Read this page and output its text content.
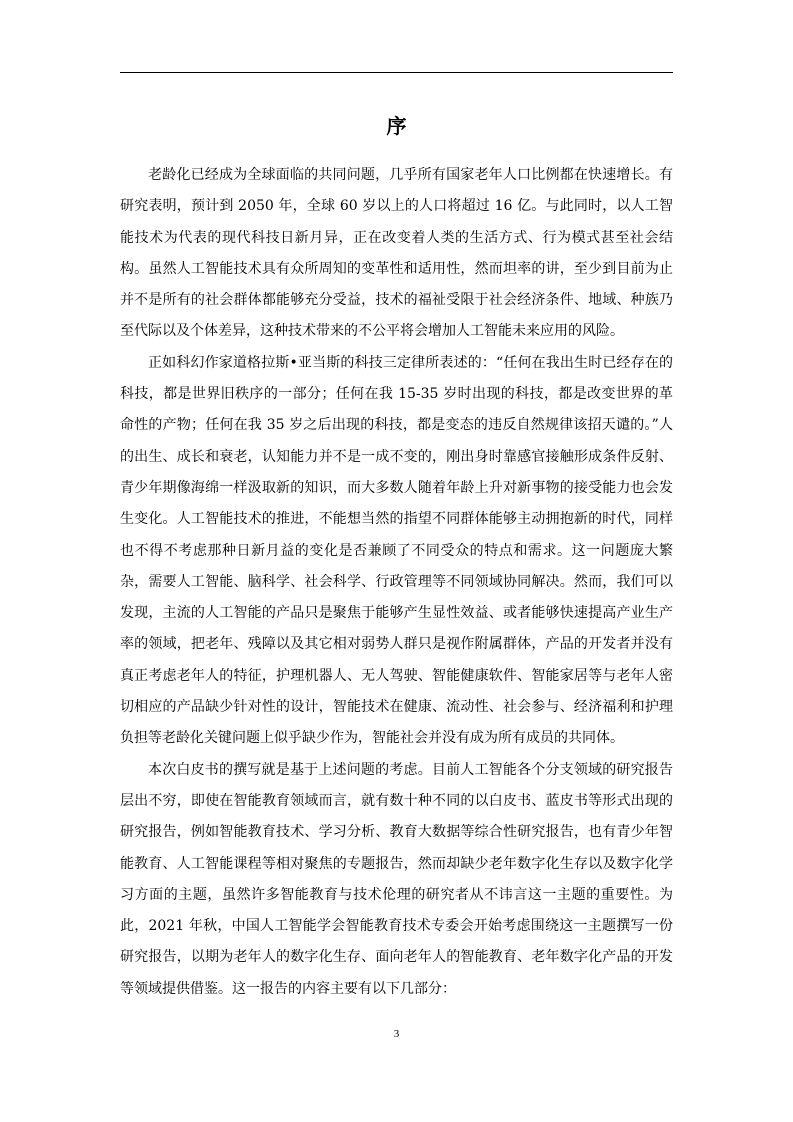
序

老龄化已经成为全球面临的共同问题，几乎所有国家老年人口比例都在快速增长。有研究表明，预计到 2050 年，全球 60 岁以上的人口将超过 16 亿。与此同时，以人工智能技术为代表的现代科技日新月异，正在改变着人类的生活方式、行为模式甚至社会结构。虽然人工智能技术具有众所周知的变革性和适用性，然而坦率的讲，至少到目前为止并不是所有的社会群体都能够充分受益，技术的福祉受限于社会经济条件、地域、种族乃至代际以及个体差异，这种技术带来的不公平将会增加人工智能未来应用的风险。

正如科幻作家道格拉斯•亚当斯的科技三定律所表述的：“任何在我出生时已经存在的科技，都是世界旧秩序的一部分；任何在我 15-35 岁时出现的科技，都是改变世界的革命性的产物；任何在我 35 岁之后出现的科技，都是变态的违反自然规律该招天谴的。”人的出生、成长和衰老，认知能力并不是一成不变的，刚出身时靠感官接触形成条件反射、青少年期像海绵一样汲取新的知识，而大多数人随着年龄上升对新事物的接受能力也会发生变化。人工智能技术的推进，不能想当然的指望不同群体能够主动拥抱新的时代，同样也不得不考虑那种日新月益的变化是否兼顾了不同受众的特点和需求。这一问题庞大繁杂，需要人工智能、脑科学、社会科学、行政管理等不同领域协同解决。然而，我们可以发现，主流的人工智能的产品只是聚焦于能够产生显性效益、或者能够快速提高产业生产率的领域，把老年、残障以及其它相对弱势人群只是视作附属群体，产品的开发者并没有真正考虑老年人的特征，护理机器人、无人驾驶、智能健康软件、智能家居等与老年人密切相应的产品缺少针对性的设计，智能技术在健康、流动性、社会参与、经济福利和护理负担等老龄化关键问题上似乎缺少作为，智能社会并没有成为所有成员的共同体。

本次白皮书的撰写就是基于上述问题的考虑。目前人工智能各个分支领域的研究报告层出不穷，即使在智能教育领域而言，就有数十种不同的以白皮书、蓝皮书等形式出现的研究报告，例如智能教育技术、学习分析、教育大数据等综合性研究报告，也有青少年智能教育、人工智能课程等相对聚焦的专题报告，然而却缺少老年数字化生存以及数字化学习方面的主题，虽然许多智能教育与技术伦理的研究者从不讳言这一主题的重要性。为此，2021 年秋，中国人工智能学会智能教育技术专委会开始考虑围绕这一主题撰写一份研究报告，以期为老年人的数字化生存、面向老年人的智能教育、老年数字化产品的开发等领域提供借鉴。这一报告的内容主要有以下几部分：

3
